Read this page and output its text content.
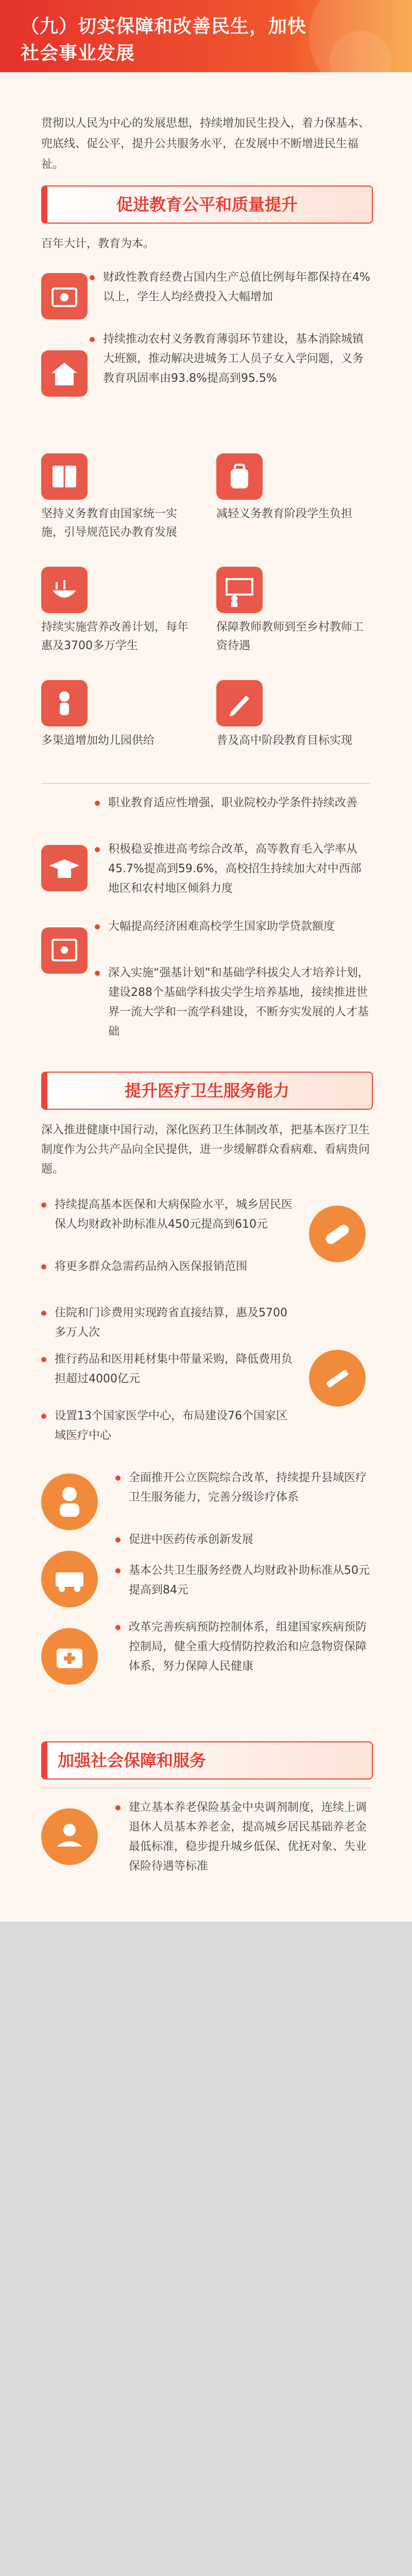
（九）切实保障和改善民生，加快社会事业发展
贯彻以人民为中心的发展思想，持续增加民生投入，着力保基本、兜底线、促公平，提升公共服务水平，在发展中不断增进民生福祉。
促进教育公平和质量提升
百年大计，教育为本。
财政性教育经费占国内生产总值比例每年都保持在4%以上，学生人均经费投入大幅增加
持续推动农村义务教育薄弱环节建设，基本消除城镇大班额，推动解决进城务工人员子女入学问题，义务教育巩固率由93.8%提高到95.5%
坚持义务教育由国家统一实施，引导规范民办教育发展
减轻义务教育阶段学生负担
持续实施营养改善计划，每年惠及3700多万学生
保障教师教师到至乡村教师工资待遇
多渠道增加幼儿园供给	普及高中阶段教育目标实现
职业教育适应性增强，职业院校办学条件持续改善
积极稳妥推进高考综合改革，高等教育毛入学率从45.7%提高到59.6%，高校招生持续加大对中西部地区和农村地区倾斜力度
大幅提高经济困难高校学生国家助学贷款额度
深入实施“强基计划”和基础学科拔尖人才培养计划，建设288个基础学科拔尖学生培养基地，接续推进世界一流大学和一流学科建设，不断夯实发展的人才基础
提升医疗卫生服务能力
深入推进健康中国行动，深化医药卫生体制改革，把基本医疗卫生制度作为公共产品向全民提供，进一步缓解群众看病难、看病贵问题。
持续提高基本医保和大病保险水平，城乡居民医保人均财政补助标准从450元提高到610元
将更多群众急需药品纳入医保报销范围
住院和门诊费用实现跨省直接结算，惠及5700多万人次
推行药品和医用耗材集中带量采购，降低费用负担超过4000亿元
设置13个国家医学中心，布局建设76个国家区域医疗中心
全面推开公立医院综合改革，持续提升县域医疗卫生服务能力，完善分级诊疗体系
促进中医药传承创新发展
基本公共卫生服务经费人均财政补助标准从50元提高到84元
改革完善疾病预防控制体系，组建国家疾病预防控制局，健全重大疫情防控救治和应急物资保障体系，努力保障人民健康
加强社会保障和服务
建立基本养老保险基金中央调剂制度，连续上调退休人员基本养老金，提高城乡居民基础养老金最低标准，稳步提升城乡低保、优抚对象、失业保险待遇等标准
